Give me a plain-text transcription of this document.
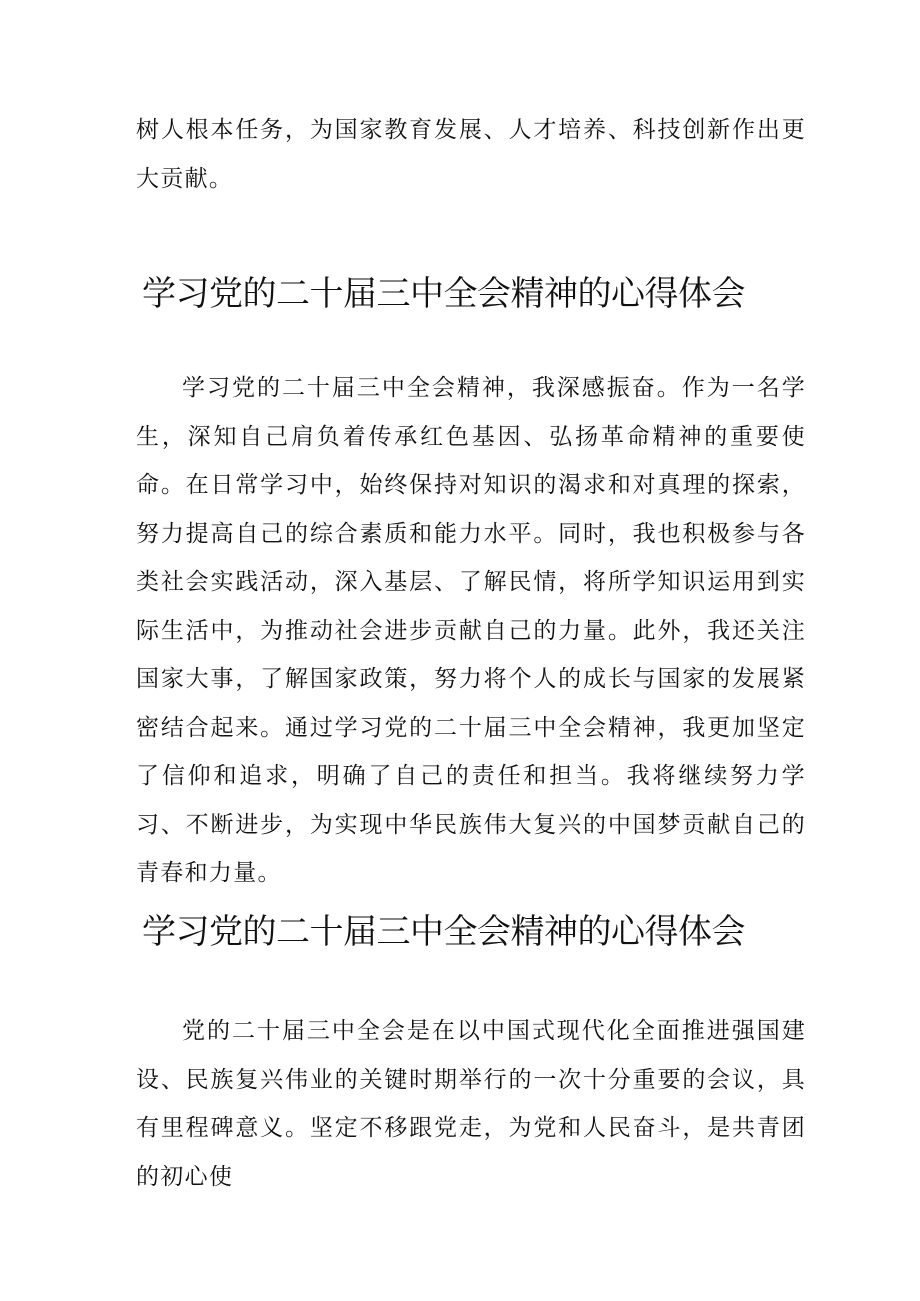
树人根本任务，为国家教育发展、人才培养、科技创新作出更大贡献。

学习党的二十届三中全会精神的心得体会

学习党的二十届三中全会精神，我深感振奋。作为一名学生，深知自己肩负着传承红色基因、弘扬革命精神的重要使命。在日常学习中，始终保持对知识的渴求和对真理的探索，努力提高自己的综合素质和能力水平。同时，我也积极参与各类社会实践活动，深入基层、了解民情，将所学知识运用到实际生活中，为推动社会进步贡献自己的力量。此外，我还关注国家大事，了解国家政策，努力将个人的成长与国家的发展紧密结合起来。通过学习党的二十届三中全会精神，我更加坚定了信仰和追求，明确了自己的责任和担当。我将继续努力学习、不断进步，为实现中华民族伟大复兴的中国梦贡献自己的青春和力量。

学习党的二十届三中全会精神的心得体会

党的二十届三中全会是在以中国式现代化全面推进强国建设、民族复兴伟业的关键时期举行的一次十分重要的会议，具有里程碑意义。坚定不移跟党走，为党和人民奋斗，是共青团的初心使
